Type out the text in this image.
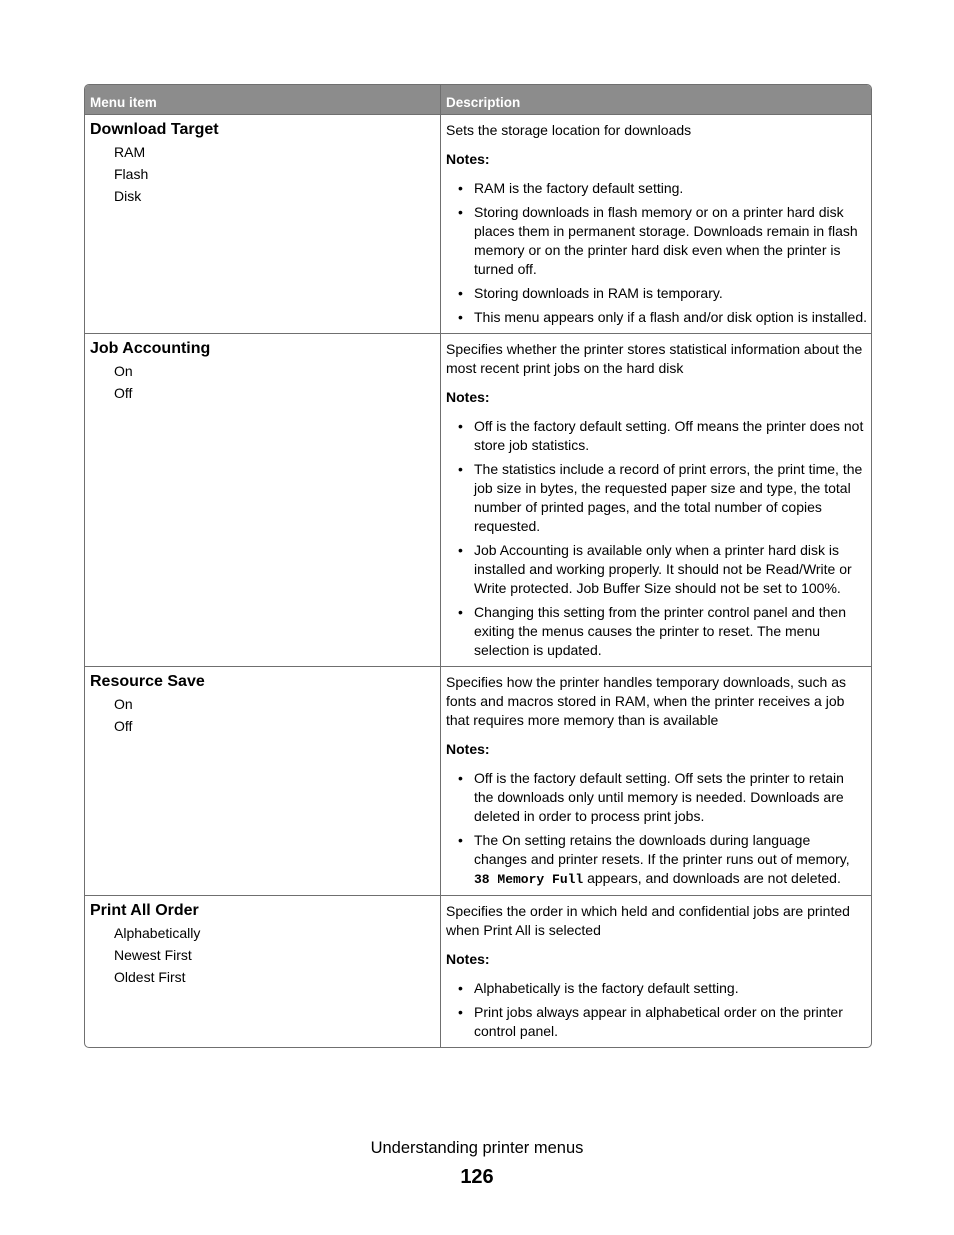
Menu item	Description
Download Target
RAM
Flash
Disk

Sets the storage location for downloads

Notes:

• RAM is the factory default setting.
• Storing downloads in flash memory or on a printer hard disk places them in permanent storage. Downloads remain in flash memory or on the printer hard disk even when the printer is turned off.
• Storing downloads in RAM is temporary.
• This menu appears only if a flash and/or disk option is installed.
Job Accounting
On
Off

Specifies whether the printer stores statistical information about the most recent print jobs on the hard disk

Notes:

• Off is the factory default setting. Off means the printer does not store job statistics.
• The statistics include a record of print errors, the print time, the job size in bytes, the requested paper size and type, the total number of printed pages, and the total number of copies requested.
• Job Accounting is available only when a printer hard disk is installed and working properly. It should not be Read/Write or Write protected. Job Buffer Size should not be set to 100%.
• Changing this setting from the printer control panel and then exiting the menus causes the printer to reset. The menu selection is updated.
Resource Save
On
Off

Specifies how the printer handles temporary downloads, such as fonts and macros stored in RAM, when the printer receives a job that requires more memory than is available

Notes:

• Off is the factory default setting. Off sets the printer to retain the downloads only until memory is needed. Downloads are deleted in order to process print jobs.
• The On setting retains the downloads during language changes and printer resets. If the printer runs out of memory, 38 Memory Full appears, and downloads are not deleted.
Print All Order
Alphabetically
Newest First
Oldest First

Specifies the order in which held and confidential jobs are printed when Print All is selected

Notes:

• Alphabetically is the factory default setting.
• Print jobs always appear in alphabetical order on the printer control panel.
Understanding printer menus
126
